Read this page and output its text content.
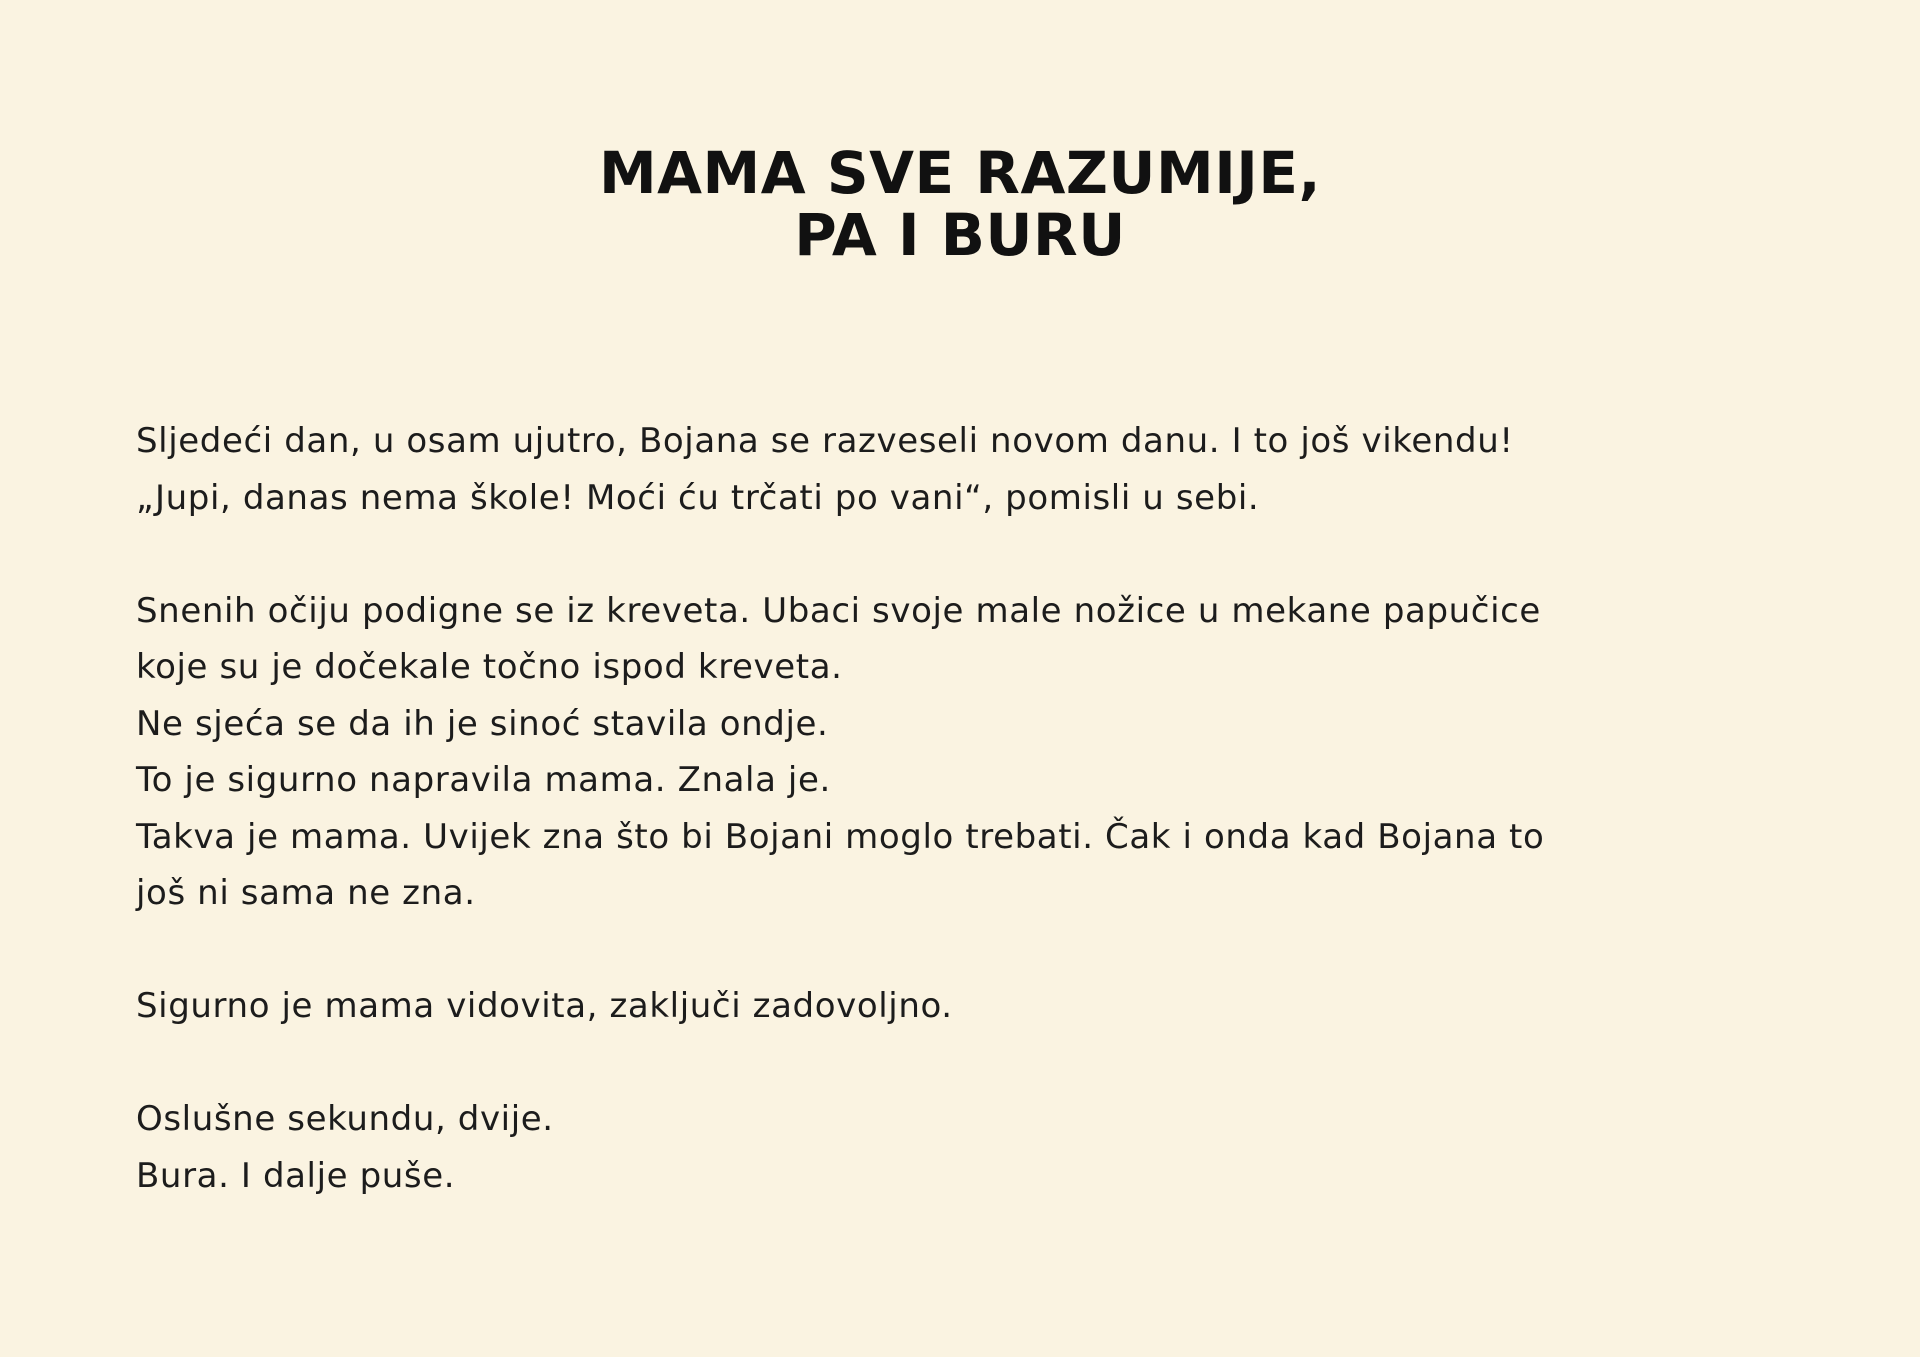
MAMA SVE RAZUMIJE,
PA I BURU
Sljedeći dan, u osam ujutro, Bojana se razveseli novom danu. I to još vikendu!
„Jupi, danas nema škole! Moći ću trčati po vani“, pomisli u sebi.
Snenih očiju podigne se iz kreveta. Ubaci svoje male nožice u mekane papučice
koje su je dočekale točno ispod kreveta.
Ne sjeća se da ih je sinoć stavila ondje.
To je sigurno napravila mama. Znala je.
Takva je mama. Uvijek zna što bi Bojani moglo trebati. Čak i onda kad Bojana to
još ni sama ne zna.
Sigurno je mama vidovita, zaključi zadovoljno.
Oslušne sekundu, dvije.
Bura. I dalje puše.
